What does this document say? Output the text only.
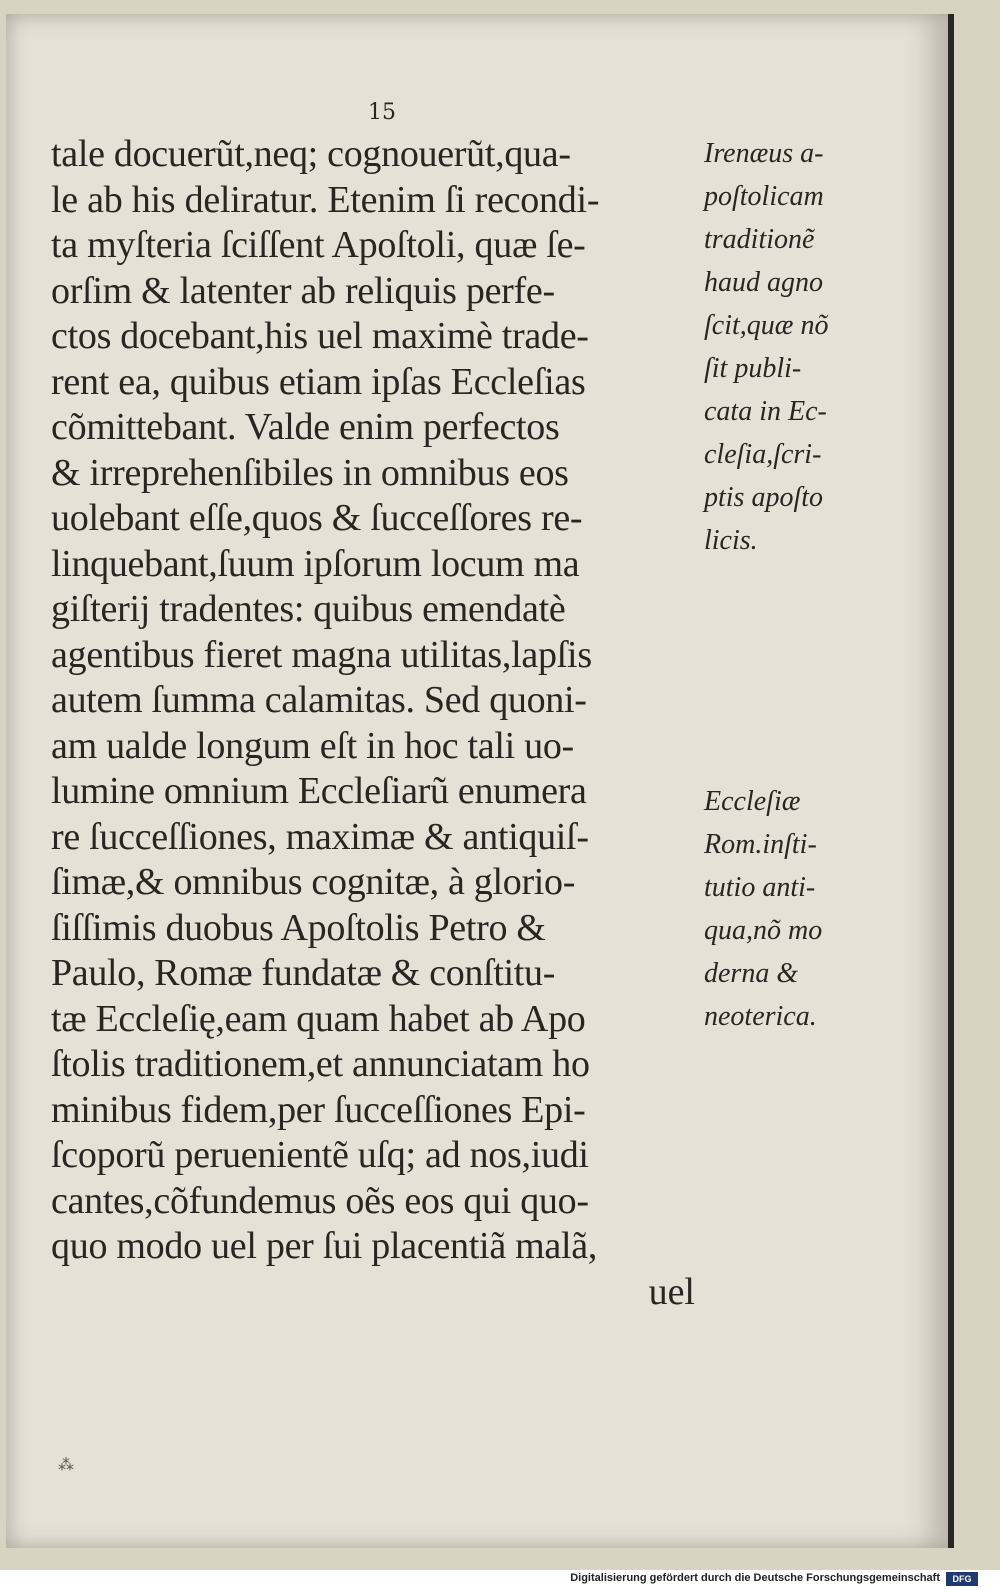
15
tale docuerũt,neq; cognouerũt,qua-
le ab his deliratur. Etenim ſi recondi-
ta myſteria ſciſſent Apoſtoli, quæ ſe-
orſim & latenter ab reliquis perfe-
ctos docebant,his uel maximè trade-
rent ea, quibus etiam ipſas Eccleſias
cõmittebant. Valde enim perfectos
& irreprehenſibiles in omnibus eos
uolebant eſſe,quos & ſucceſſores re-
linquebant,ſuum ipſorum locum ma
giſterij tradentes: quibus emendatè
agentibus fieret magna utilitas,lapſis
autem ſumma calamitas. Sed quoni-
am ualde longum eſt in hoc tali uo-
lumine omnium Eccleſiarũ enumera
re ſucceſſiones, maximæ & antiquiſ-
ſimæ,& omnibus cognitæ, à glorio-
ſiſſimis duobus Apoſtolis Petro &
Paulo, Romæ fundatæ & conſtitu-
tæ Eccleſię,eam quam habet ab Apo
ſtolis traditionem,et annunciatam ho
minibus fidem,per ſucceſſiones Epi-
ſcoporũ peruenientẽ uſq; ad nos,iudi
cantes,cõfundemus oẽs eos qui quo-
quo modo uel per ſui placentiã malã,
uel
Irenæus a-
poſtolicam
traditionẽ
haud agno
ſcit,quæ nõ
ſit publi-
cata in Ec-
cleſia,ſcri-
ptis apoſto
licis.
Eccleſiæ
Rom.inſti-
tutio anti-
qua,nõ mo
derna &
neoterica.
⁂
Digitalisierung gefördert durch die Deutsche Forschungsgemeinschaft	DFG
